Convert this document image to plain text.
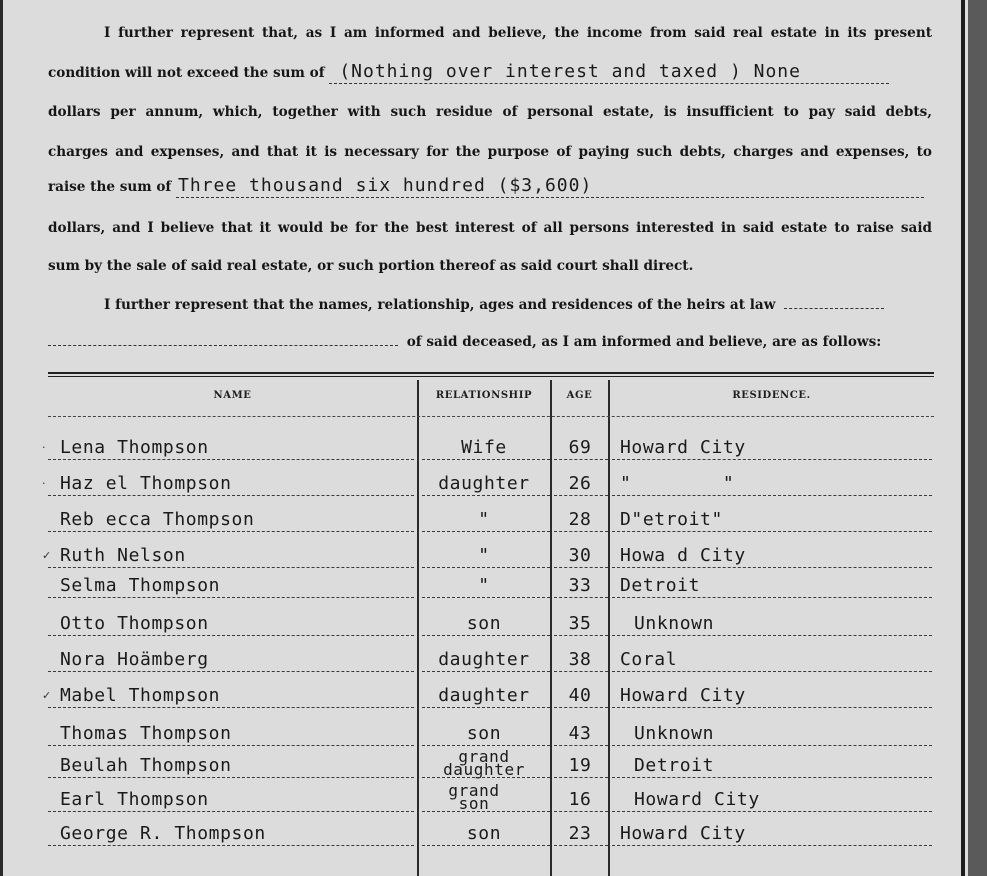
I further represent that, as I am informed and believe, the income from said real estate in its present
condition will not exceed the sum of (Nothing over interest and taxed ) None
dollars per annum, which, together with such residue of personal estate, is insufficient to pay said debts,
charges and expenses, and that it is necessary for the purpose of paying such debts, charges and expenses, to
raise the sum of Three thousand six hundred ($3,600)
dollars, and I believe that it would be for the best interest of all persons interested in said estate to raise said
sum by the sale of said real estate, or such portion thereof as said court shall direct.
I further represent that the names, relationship, ages and residences of the heirs at law
of said deceased, as I am informed and believe, are as follows:
NAME	RELATIONSHIP	AGE	RESIDENCE.
· Lena Thompson	Wife	69	Howard City
· Haz el Thompson	daughter	26	"        "
Reb ecca Thompson	"	28	D"etroit"
✓ Ruth Nelson	"	30	Howa d City
Selma Thompson	"	33	Detroit
Otto Thompson	son	35	Unknown
Nora Hoämberg	daughter	38	Coral
✓ Mabel Thompson	daughter	40	Howard City
Thomas Thompson	son	43	Unknown
Beulah Thompson	grand daughter	19	Detroit
Earl Thompson	grand son	16	Howard City
George R. Thompson	son	23	Howard City
